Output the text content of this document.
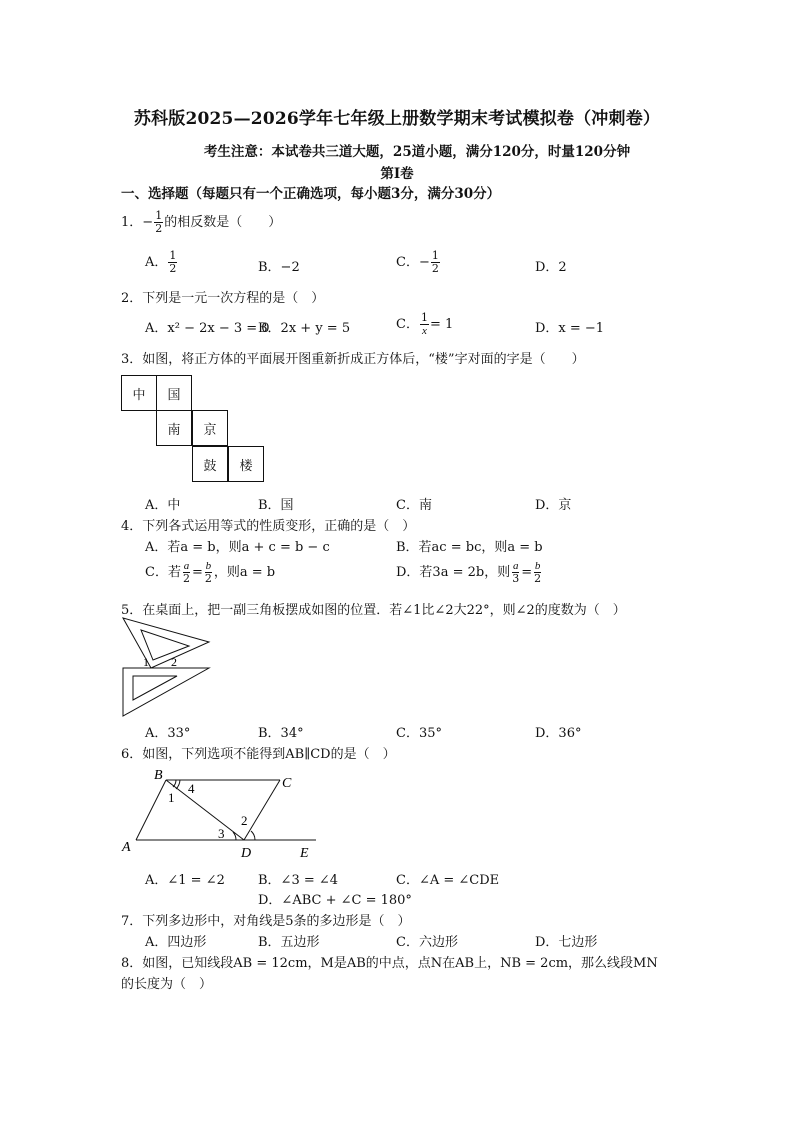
苏科版2025—2026学年七年级上册数学期末考试模拟卷（冲刺卷）
考生注意：本试卷共三道大题，25道小题，满分120分，时量120分钟
第Ⅰ卷
一、选择题（每题只有一个正确选项，每小题3分，满分30分）
1．− $\frac{1}{2}$ 的相反数是（　　）
A． $\frac{1}{2}$	B．−2	C．− $\frac{1}{2}$	D．2
2．下列是一元一次方程的是（　）
A．x² − 2x − 3 = 0
B．2x + y = 5	C． $\frac{1}{x} = 1$	D．x = −1
3．如图，将正方体的平面展开图重新折成正方体后，“楼”字对面的字是（　　）
中	国
南	京
鼓	楼
A．中	B．国	C．南	D．京
4．下列各式运用等式的性质变形，正确的是（　）
A．若a = b，则a + c = b − c	B．若ac = bc，则a = b
C．若 $\frac{a}{2} = \frac{b}{2}$ ，则a = b	D．若3a = 2b，则 $\frac{a}{3} = \frac{b}{2}$
5．在桌面上，把一副三角板摆成如图的位置．若∠1比∠2大22°，则∠2的度数为（　）
1 2
A．33°	B．34°	C．35°	D．36°
6．如图，下列选项不能得到AB∥CD的是（　）
B
C
A	D	E
1
4
3
2
A．∠1 = ∠2	B．∠3 = ∠4	C．∠A = ∠CDE
D．∠ABC + ∠C = 180°
7．下列多边形中，对角线是5条的多边形是（　）
A．四边形	B．五边形	C．六边形	D．七边形
8．如图，已知线段AB = 12cm，M是AB的中点，点N在AB上，NB = 2cm，那么线段MN
的长度为（　）
